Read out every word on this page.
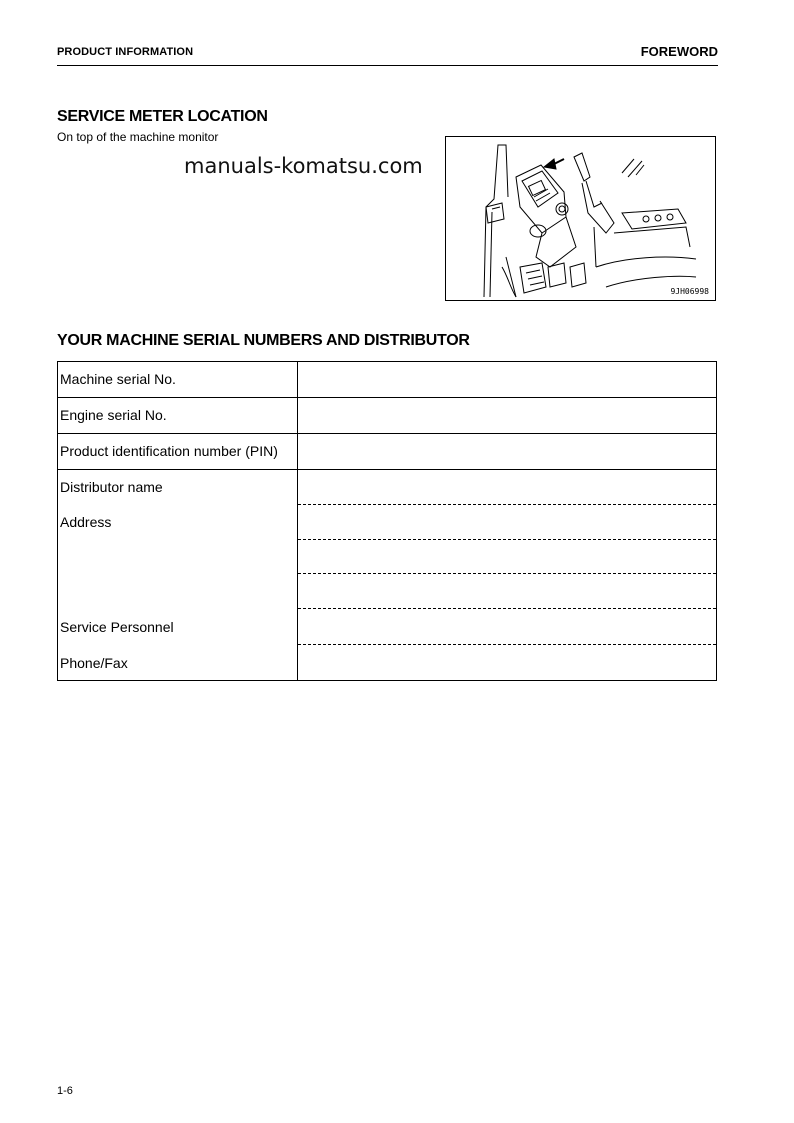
PRODUCT INFORMATION	FOREWORD
SERVICE METER LOCATION
On top of the machine monitor
manuals-komatsu.com
9JH06998
YOUR MACHINE SERIAL NUMBERS AND DISTRIBUTOR
Machine serial No.
Engine serial No.
Product identification number (PIN)
Distributor name
Address
Service Personnel
Phone/Fax
1-6
